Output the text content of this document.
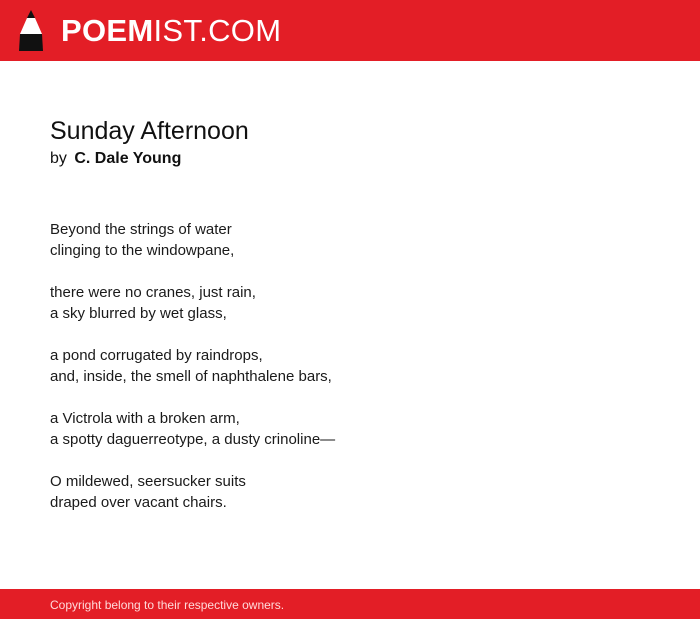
POEMIST.COM
Sunday Afternoon
by C. Dale Young
Beyond the strings of water
clinging to the windowpane,
there were no cranes, just rain,
a sky blurred by wet glass,
a pond corrugated by raindrops,
and, inside, the smell of naphthalene bars,
a Victrola with a broken arm,
a spotty daguerreotype, a dusty crinoline—
O mildewed, seersucker suits
draped over vacant chairs.
Copyright belong to their respective owners.
